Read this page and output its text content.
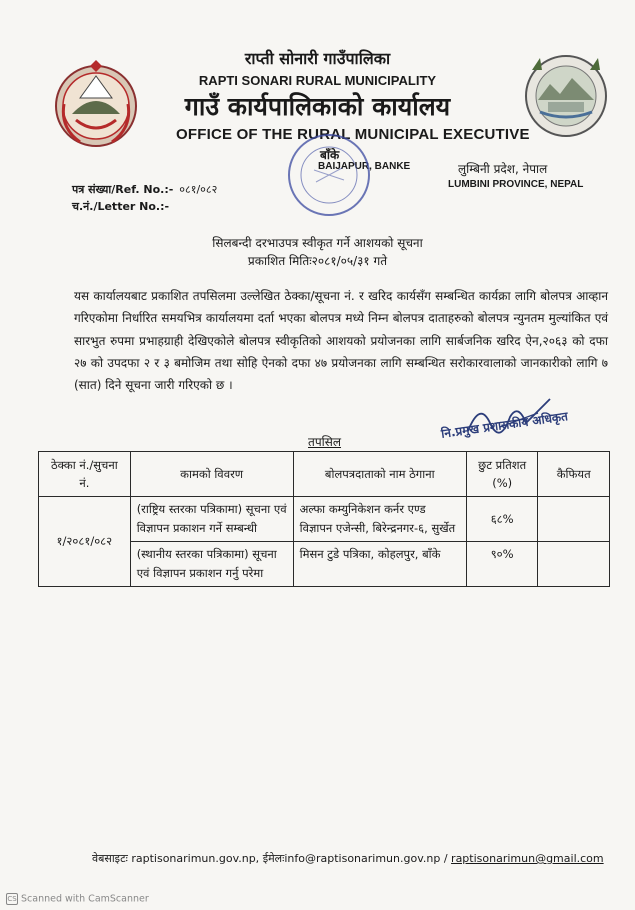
राप्ती सोनारी गाउँपालिका
RAPTI SONARI RURAL MUNICIPALITY
गाउँ कार्यपालिकाको कार्यालय
OFFICE OF THE RURAL MUNICIPAL EXECUTIVE
बाँके
BAIJAPUR, BANKE	लुम्बिनी प्रदेश, नेपाल
LUMBINI PROVINCE, NEPAL
पत्र संख्या/Ref. No.:- ०८१/०८२
च.नं./Letter No.:-
सिलबन्दी दरभाउपत्र स्वीकृत गर्ने आशयको सूचना
प्रकाशित मितिः२०८१/०५/३१ गते
यस कार्यालयबाट प्रकाशित तपसिलमा उल्लेखित ठेक्का/सूचना नं. र खरिद कार्यसँग सम्बन्धित कार्यक्रा लागि बोलपत्र आव्हान गरिएकोमा निर्धारित समयभित्र कार्यालयमा दर्ता भएका बोलपत्र मध्ये निम्न बोलपत्र दाताहरुको बोलपत्र न्युनतम मुल्यांकित एवं सारभुत रुपमा प्रभाहग्राही देखिएकोले बोलपत्र स्वीकृतिको आशयको प्रयोजनका लागि सार्बजनिक खरिद ऐन,२०६३ को दफा २७ को उपदफा २ र ३ बमोजिम तथा सोहि ऐनको दफा ४७ प्रयोजनका लागि सम्बन्धित सरोकारवालाको जानकारीको लागि ७ (सात) दिने सूचना जारी गरिएको छ ।
नि.प्रमुख प्रशासकीय अधिकृत
तपसिल
ठेक्का नं./सुचना नं.	कामको विवरण	बोलपत्रदाताको नाम ठेगाना	छुट प्रतिशत (%)	कैफियत
१/२०८१/०८२	(राष्ट्रिय स्तरका पत्रिकामा) सूचना एवं विज्ञापन प्रकाशन गर्ने सम्बन्धी	अल्फा कम्युनिकेशन कर्नर एण्ड विज्ञापन एजेन्सी, बिरेन्द्रनगर-६, सुर्खेत	६८%	
	(स्थानीय स्तरका पत्रिकामा) सूचना एवं विज्ञापन प्रकाशन गर्नु परेमा	मिसन टुडे पत्रिका, कोहलपुर, बाँके	९०%	
वेबसाइटः raptisonarimun.gov.np, ईमेलःinfo@raptisonarimun.gov.np / raptisonarimun@gmail.com
CS Scanned with CamScanner
